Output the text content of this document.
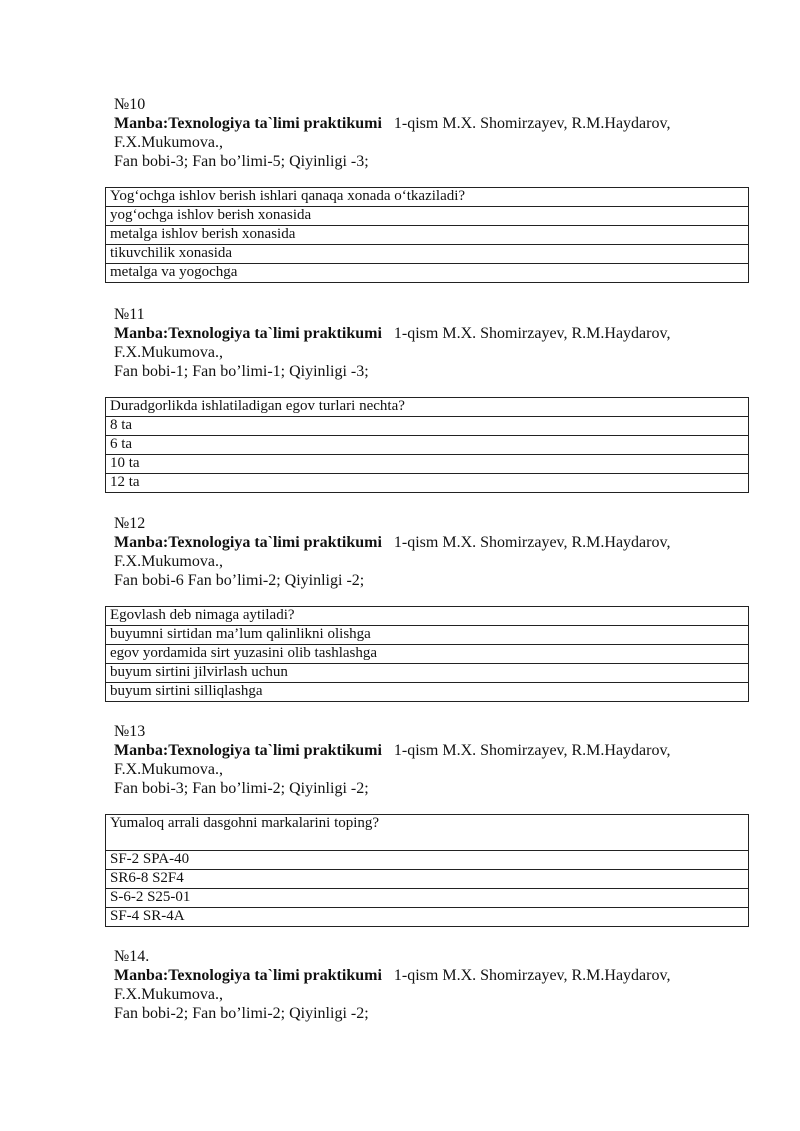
№10
Manba:Texnologiya ta`limi praktikumi 1-qism M.X. Shomirzayev, R.M.Haydarov,
F.X.Mukumova.,
Fan bobi-3; Fan bo’limi-5; Qiyinligi -3;
Yog‘ochga ishlov berish ishlari qanaqa xonada o‘tkaziladi?
yog‘ochga ishlov berish xonasida
metalga ishlov berish xonasida
tikuvchilik xonasida
metalga va yogochga
№11
Manba:Texnologiya ta`limi praktikumi 1-qism M.X. Shomirzayev, R.M.Haydarov,
F.X.Mukumova.,
Fan bobi-1; Fan bo’limi-1; Qiyinligi -3;
Duradgorlikda ishlatiladigan egov turlari nechta?
8 ta
6 ta
10 ta
12 ta
№12
Manba:Texnologiya ta`limi praktikumi 1-qism M.X. Shomirzayev, R.M.Haydarov,
F.X.Mukumova.,
Fan bobi-6 Fan bo’limi-2; Qiyinligi -2;
Egovlash deb nimaga aytiladi?
buyumni sirtidan ma’lum qalinlikni olishga
egov yordamida sirt yuzasini olib tashlashga
buyum sirtini jilvirlash uchun
buyum sirtini silliqlashga
№13
Manba:Texnologiya ta`limi praktikumi 1-qism M.X. Shomirzayev, R.M.Haydarov,
F.X.Mukumova.,
Fan bobi-3; Fan bo’limi-2; Qiyinligi -2;
Yumaloq arrali dasgohni markalarini toping?
SF-2 SPA-40
SR6-8 S2F4
S-6-2 S25-01
SF-4 SR-4A
№14.
Manba:Texnologiya ta`limi praktikumi 1-qism M.X. Shomirzayev, R.M.Haydarov,
F.X.Mukumova.,
Fan bobi-2; Fan bo’limi-2; Qiyinligi -2;
